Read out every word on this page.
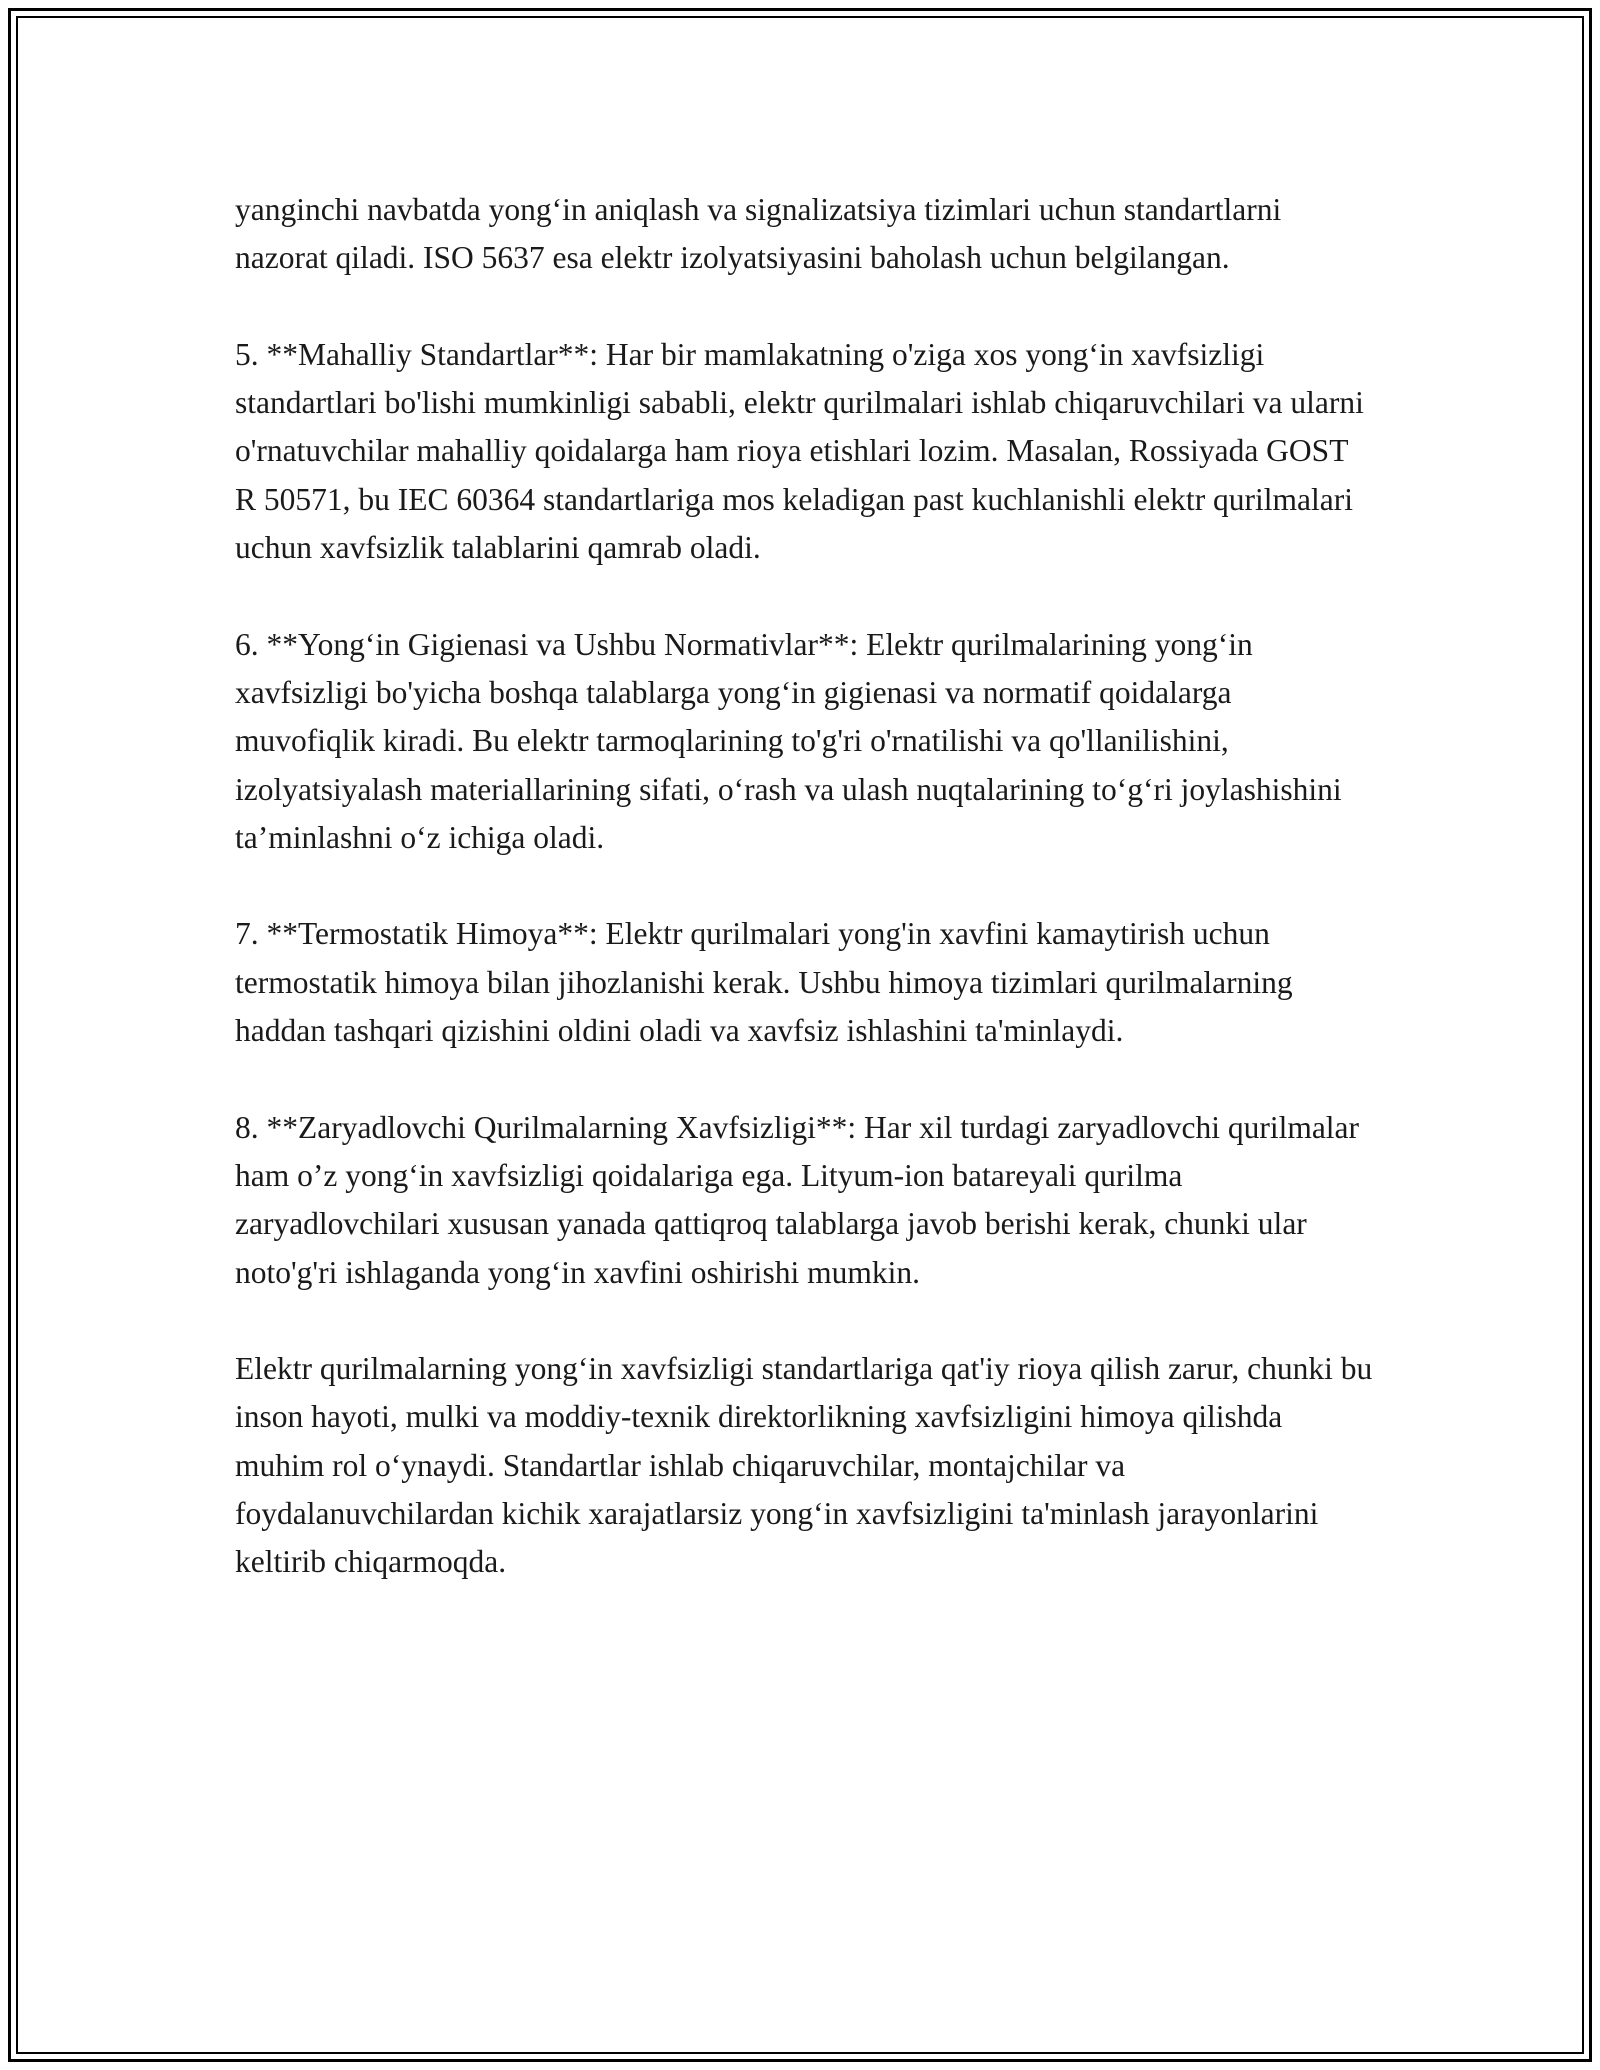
yanginchi navbatda yong‘in aniqlash va signalizatsiya tizimlari uchun standartlarni nazorat qiladi. ISO 5637 esa elektr izolyatsiyasini baholash uchun belgilangan.

5. **Mahalliy Standartlar**: Har bir mamlakatning o'ziga xos yong‘in xavfsizligi standartlari bo'lishi mumkinligi sababli, elektr qurilmalari ishlab chiqaruvchilari va ularni o'rnatuvchilar mahalliy qoidalarga ham rioya etishlari lozim. Masalan, Rossiyada GOST R 50571, bu IEC 60364 standartlariga mos keladigan past kuchlanishli elektr qurilmalari uchun xavfsizlik talablarini qamrab oladi.

6. **Yong‘in Gigienasi va Ushbu Normativlar**: Elektr qurilmalarining yong‘in xavfsizligi bo'yicha boshqa talablarga yong‘in gigienasi va normatif qoidalarga muvofiqlik kiradi. Bu elektr tarmoqlarining to'g'ri o'rnatilishi va qo'llanilishini, izolyatsiyalash materiallarining sifati, o‘rash va ulash nuqtalarining to‘g‘ri joylashishini ta’minlashni o‘z ichiga oladi.

7. **Termostatik Himoya**: Elektr qurilmalari yong'in xavfini kamaytirish uchun termostatik himoya bilan jihozlanishi kerak. Ushbu himoya tizimlari qurilmalarning haddan tashqari qizishini oldini oladi va xavfsiz ishlashini ta'minlaydi.

8. **Zaryadlovchi Qurilmalarning Xavfsizligi**: Har xil turdagi zaryadlovchi qurilmalar ham o’z yong‘in xavfsizligi qoidalariga ega. Lityum-ion batareyali qurilma zaryadlovchilari xususan yanada qattiqroq talablarga javob berishi kerak, chunki ular noto'g'ri ishlaganda yong‘in xavfini oshirishi mumkin.

Elektr qurilmalarning yong‘in xavfsizligi standartlariga qat'iy rioya qilish zarur, chunki bu inson hayoti, mulki va moddiy-texnik direktorlikning xavfsizligini himoya qilishda muhim rol o‘ynaydi. Standartlar ishlab chiqaruvchilar, montajchilar va foydalanuvchilardan kichik xarajatlarsiz yong‘in xavfsizligini ta'minlash jarayonlarini keltirib chiqarmoqda.
